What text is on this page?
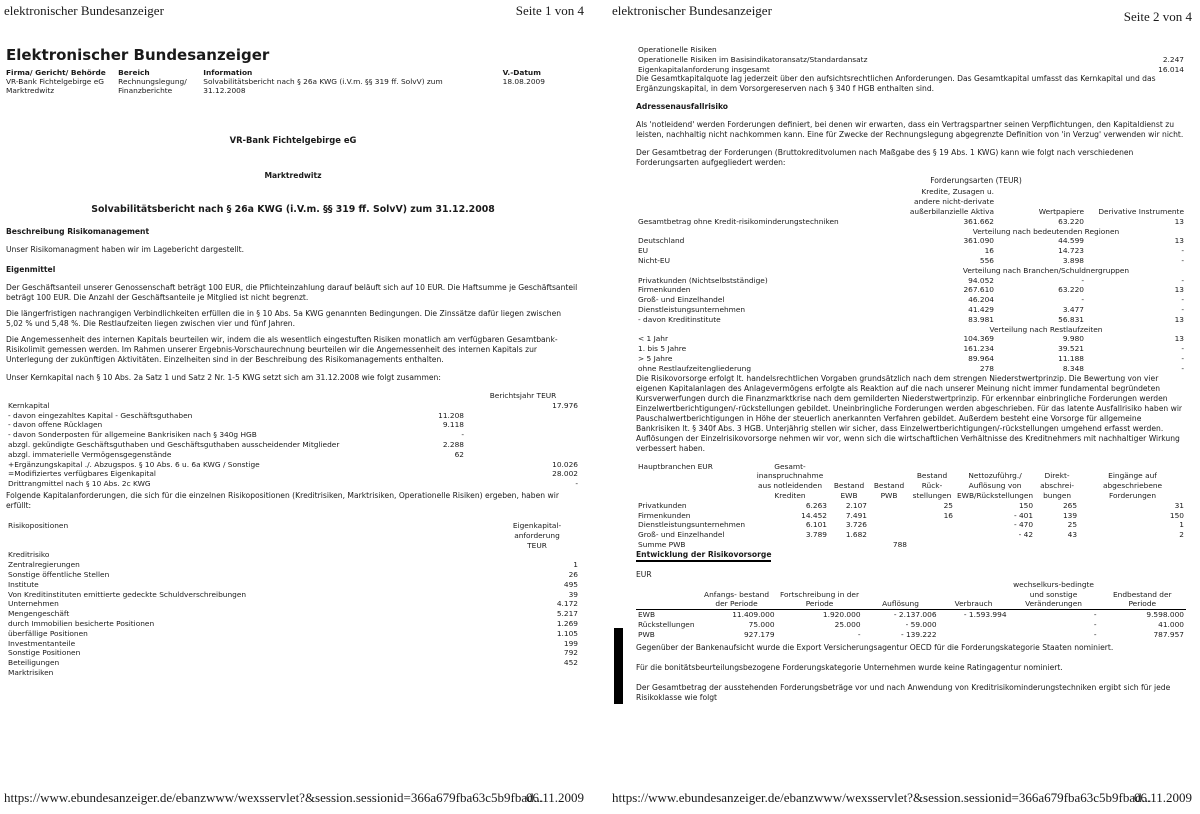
elektronischer Bundesanzeiger	Seite 1 von 4
Elektronischer Bundesanzeiger
Firma/ Gericht/ Behörde
VR-Bank Fichtelgebirge eG Marktredwitz
Bereich
Rechnungslegung/ Finanzberichte
Information
Solvabilitätsbericht nach § 26a KWG (i.V.m. §§ 319 ff. SolvV) zum 31.12.2008
V.-Datum
18.08.2009
VR-Bank Fichtelgebirge eG
Marktredwitz
Solvabilitätsbericht nach § 26a KWG (i.V.m. §§ 319 ff. SolvV) zum 31.12.2008
Beschreibung Risikomanagement

Unser Risikomanagment haben wir im Lagebericht dargestellt.

Eigenmittel

Der Geschäftsanteil unserer Genossenschaft beträgt 100 EUR, die Pflichteinzahlung darauf beläuft sich auf 10 EUR. Die Haftsumme je Geschäftsanteil beträgt 100 EUR. Die Anzahl der Geschäftsanteile je Mitglied ist nicht begrenzt.

Die längerfristigen nachrangigen Verbindlichkeiten erfüllen die in § 10 Abs. 5a KWG genannten Bedingungen. Die Zinssätze dafür liegen zwischen 5,02 % und 5,48 %. Die Restlaufzeiten liegen zwischen vier und fünf Jahren.

Die Angemessenheit des internen Kapitals beurteilen wir, indem die als wesentlich eingestuften Risiken monatlich am verfügbaren Gesamtbank-Risikolimit gemessen werden. Im Rahmen unserer Ergebnis-Vorschaurechnung beurteilen wir die Angemessenheit des internen Kapitals zur Unterlegung der zukünftigen Aktivitäten. Einzelheiten sind in der Beschreibung des Risikomanagements enthalten.

Unser Kernkapital nach § 10 Abs. 2a Satz 1 und Satz 2 Nr. 1-5 KWG setzt sich am 31.12.2008 wie folgt zusammen:

		Berichtsjahr TEUR
Kernkapital		17.976
- davon eingezahltes Kapital - Geschäftsguthaben	11.208	
- davon offene Rücklagen	9.118	
- davon Sonderposten für allgemeine Bankrisiken nach § 340g HGB	-	
abzgl. gekündigte Geschäftsguthaben und Geschäftsguthaben ausscheidender Mitglieder	2.288	
abzgl. immaterielle Vermögensgegenstände	62	
+Ergänzungskapital ./. Abzugspos. § 10 Abs. 6 u. 6a KWG / Sonstige		10.026
=Modifiziertes verfügbares Eigenkapital		28.002
Drittrangmittel nach § 10 Abs. 2c KWG		-

Folgende Kapitalanforderungen, die sich für die einzelnen Risikopositionen (Kreditrisiken, Marktrisiken, Operationelle Risiken) ergeben, haben wir erfüllt:

Risikopositionen	Eigenkapital-anforderung
	TEUR
Kreditrisiko	
Zentralregierungen	1
Sonstige öffentliche Stellen	26
Institute	495
Von Kreditinstituten emittierte gedeckte Schuldverschreibungen	39
Unternehmen	4.172
Mengengeschäft	5.217
durch Immobilien besicherte Positionen	1.269
überfällige Positionen	1.105
Investmentanteile	199
Sonstige Positionen	792
Beteiligungen	452
Marktrisiken	
https://www.ebundesanzeiger.de/ebanzwww/wexsservlet?&session.sessionid=366a679fba63c5b9fbad...
06.11.2009
elektronischer Bundesanzeiger	Seite 2 von 4
Operationelle Risiken	
Operationelle Risiken im Basisindikatoransatz/Standardansatz	2.247
Eigenkapitalanforderung insgesamt	16.014

Die Gesamtkapitalquote lag jederzeit über den aufsichtsrechtlichen Anforderungen. Das Gesamtkapital umfasst das Kernkapital und das Ergänzungskapital, in dem Vorsorgereserven nach § 340 f HGB enthalten sind.

Adressenausfallrisiko

Als 'notleidend' werden Forderungen definiert, bei denen wir erwarten, dass ein Vertragspartner seinen Verpflichtungen, den Kapitaldienst zu leisten, nachhaltig nicht nachkommen kann. Eine für Zwecke der Rechnungslegung abgegrenzte Definition von 'in Verzug' verwenden wir nicht.

Der Gesamtbetrag der Forderungen (Bruttokreditvolumen nach Maßgabe des § 19 Abs. 1 KWG) kann wie folgt nach verschiedenen Forderungsarten aufgegliedert werden:

Forderungsarten (TEUR)
	Kredite, Zusagen u. andere nicht-derivate außerbilanzielle Aktiva	Wertpapiere	Derivative Instrumente
Gesamtbetrag ohne Kredit-risikominderungstechniken	361.662	63.220	13
	Verteilung nach bedeutenden Regionen		
Deutschland	361.090	44.599	13
EU	16	14.723	-
Nicht-EU	556	3.898	-
	Verteilung nach Branchen/Schuldnergruppen		
Privatkunden (Nichtselbstständige)	94.052	-	-
Firmenkunden	267.610	63.220	13
Groß- und Einzelhandel	46.204	-	-
Dienstleistungsunternehmen	41.429	3.477	-
- davon Kreditinstitute	83.981	56.831	13
	Verteilung nach Restlaufzeiten		
< 1 Jahr	104.369	9.980	13
1. bis 5 Jahre	161.234	39.521	-
> 5 Jahre	89.964	11.188	-
ohne Restlaufzeitengliederung	278	8.348	-

Die Risikovorsorge erfolgt lt. handelsrechtlichen Vorgaben grundsätzlich nach dem strengen Niederstwertprinzip. Die Bewertung von vier eigenen Kapitalanlagen des Anlagevermögens erfolgte als Reaktion auf die nach unserer Meinung nicht immer fundamental begründeten Kursverwerfungen durch die Finanzmarktkrise nach dem gemilderten Niederstwertprinzip. Für erkennbar einbringliche Forderungen werden Einzelwertberichtigungen/-rückstellungen gebildet. Uneinbringliche Forderungen werden abgeschrieben. Für das latente Ausfallrisiko haben wir Pauschalwertberichtigungen in Höhe der steuerlich anerkannten Verfahren gebildet. Außerdem besteht eine Vorsorge für allgemeine Bankrisiken lt. § 340f Abs. 3 HGB. Unterjährig stellen wir sicher, dass Einzelwertberichtigungen/-rückstellungen umgehend erfasst werden. Auflösungen der Einzelrisikovorsorge nehmen wir vor, wenn sich die wirtschaftlichen Verhältnisse des Kreditnehmers mit nachhaltiger Wirkung verbessert haben.

Hauptbranchen EUR	Gesamt-inanspruchnahme aus notleidenden Krediten	Bestand EWB	Bestand PWB	Bestand Rück-stellungen	Nettozuführg./ Auflösung von EWB/Rückstellungen	Direkt-abschrei-bungen	Eingänge auf abgeschriebene Forderungen
Privatkunden	6.263	2.107		25	150	265	31
Firmenkunden	14.452	7.491		16	- 401	139	150
Dienstleistungsunternehmen	6.101	3.726			- 470	25	1
Groß- und Einzelhandel	3.789	1.682			- 42	43	2
Summe PWB			788				
Entwicklung der Risikovorsorge
EUR
	Anfangs- bestand der Periode	Fortschreibung in der Periode	Auflösung	Verbrauch	wechselkurs-bedingte und sonstige Veränderungen	Endbestand der Periode
EWB	11.409.000	1.920.000	- 2.137.006	- 1.593.994	-	9.598.000
Rückstellungen	75.000	25.000	- 59.000		-	41.000
PWB	927.179	-	- 139.222		-	787.957

Gegenüber der Bankenaufsicht wurde die Export Versicherungsagentur OECD für die Forderungskategorie Staaten nominiert.

Für die bonitätsbeurteilungsbezogene Forderungskategorie Unternehmen wurde keine Ratingagentur nominiert.

Der Gesamtbetrag der ausstehenden Forderungsbeträge vor und nach Anwendung von Kreditrisikominderungstechniken ergibt sich für jede Risikoklasse wie folgt

https://www.ebundesanzeiger.de/ebanzwww/wexsservlet?&session.sessionid=366a679fba63c5b9fbad...
06.11.2009
